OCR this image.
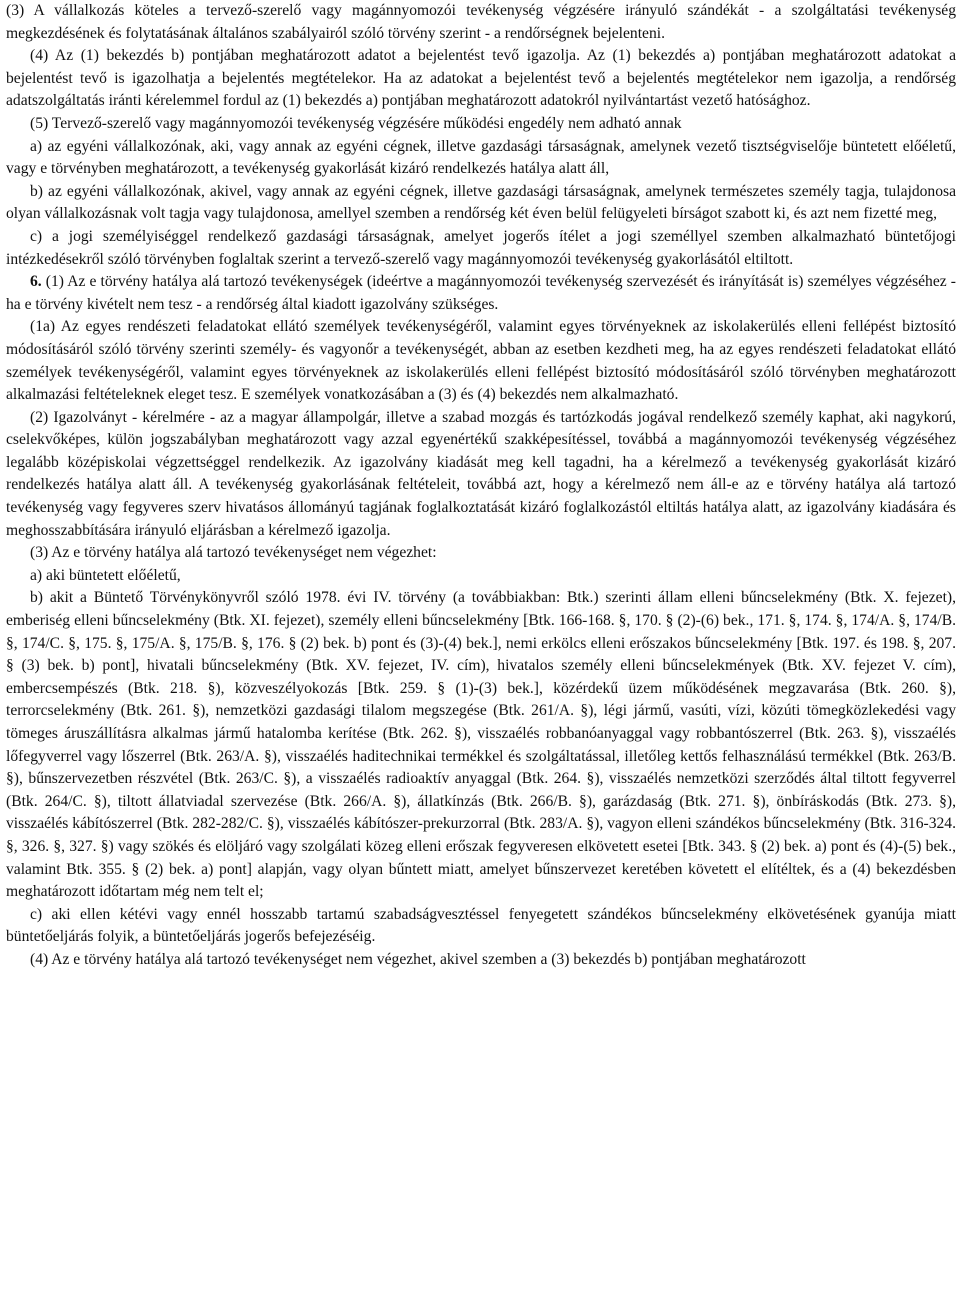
(3) A vállalkozás köteles a tervező-szerelő vagy magánnyomozói tevékenység végzésére irányuló szándékát - a szolgáltatási tevékenység megkezdésének és folytatásának általános szabályairól szóló törvény szerint - a rendőrségnek bejelenteni.

(4) Az (1) bekezdés b) pontjában meghatározott adatot a bejelentést tevő igazolja. Az (1) bekezdés a) pontjában meghatározott adatokat a bejelentést tevő is igazolhatja a bejelentés megtételekor. Ha az adatokat a bejelentést tevő a bejelentés megtételekor nem igazolja, a rendőrség adatszolgáltatás iránti kérelemmel fordul az (1) bekezdés a) pontjában meghatározott adatokról nyilvántartást vezető hatósághoz.

(5) Tervező-szerelő vagy magánnyomozói tevékenység végzésére működési engedély nem adható annak

a) az egyéni vállalkozónak, aki, vagy annak az egyéni cégnek, illetve gazdasági társaságnak, amelynek vezető tisztségviselője büntetett előéletű, vagy e törvényben meghatározott, a tevékenység gyakorlását kizáró rendelkezés hatálya alatt áll,

b) az egyéni vállalkozónak, akivel, vagy annak az egyéni cégnek, illetve gazdasági társaságnak, amelynek természetes személy tagja, tulajdonosa olyan vállalkozásnak volt tagja vagy tulajdonosa, amellyel szemben a rendőrség két éven belül felügyeleti bírságot szabott ki, és azt nem fizetté meg,

c) a jogi személyiséggel rendelkező gazdasági társaságnak, amelyet jogerős ítélet a jogi személlyel szemben alkalmazható büntetőjogi intézkedésekről szóló törvényben foglaltak szerint a tervező-szerelő vagy magánnyomozói tevékenység gyakorlásától eltiltott.

6. (1) Az e törvény hatálya alá tartozó tevékenységek (ideértve a magánnyomozói tevékenység szervezését és irányítását is) személyes végzéséhez - ha e törvény kivételt nem tesz - a rendőrség által kiadott igazolvány szükséges.

(1a) Az egyes rendészeti feladatokat ellátó személyek tevékenységéről, valamint egyes törvényeknek az iskolakerülés elleni fellépést biztosító módosításáról szóló törvény szerinti személy- és vagyonőr a tevékenységét, abban az esetben kezdheti meg, ha az egyes rendészeti feladatokat ellátó személyek tevékenységéről, valamint egyes törvényeknek az iskolakerülés elleni fellépést biztosító módosításáról szóló törvényben meghatározott alkalmazási feltételeknek eleget tesz. E személyek vonatkozásában a (3) és (4) bekezdés nem alkalmazható.

(2) Igazolványt - kérelmére - az a magyar állampolgár, illetve a szabad mozgás és tartózkodás jogával rendelkező személy kaphat, aki nagykorú, cselekvőképes, külön jogszabályban meghatározott vagy azzal egyenértékű szakképesítéssel, továbbá a magánnyomozói tevékenység végzéséhez legalább középiskolai végzettséggel rendelkezik. Az igazolvány kiadását meg kell tagadni, ha a kérelmező a tevékenység gyakorlását kizáró rendelkezés hatálya alatt áll. A tevékenység gyakorlásának feltételeit, továbbá azt, hogy a kérelmező nem áll-e az e törvény hatálya alá tartozó tevékenység vagy fegyveres szerv hivatásos állományú tagjának foglalkoztatását kizáró foglalkozástól eltiltás hatálya alatt, az igazolvány kiadására és meghosszabbítására irányuló eljárásban a kérelmező igazolja.

(3) Az e törvény hatálya alá tartozó tevékenységet nem végezhet:

a) aki büntetett előéletű,

b) akit a Büntető Törvénykönyvről szóló 1978. évi IV. törvény (a továbbiakban: Btk.) szerinti állam elleni bűncselekmény (Btk. X. fejezet), emberiség elleni bűncselekmény (Btk. XI. fejezet), személy elleni bűncselekmény [Btk. 166-168. §, 170. § (2)-(6) bek., 171. §, 174. §, 174/A. §, 174/B. §, 174/C. §, 175. §, 175/A. §, 175/B. §, 176. § (2) bek. b) pont és (3)-(4) bek.], nemi erkölcs elleni erőszakos bűncselekmény [Btk. 197. és 198. §, 207. § (3) bek. b) pont], hivatali bűncselekmény (Btk. XV. fejezet, IV. cím), hivatalos személy elleni bűncselekmények (Btk. XV. fejezet V. cím), embercsempészés (Btk. 218. §), közveszélyokozás [Btk. 259. § (1)-(3) bek.], közérdekű üzem működésének megzavarása (Btk. 260. §), terrorcselekmény (Btk. 261. §), nemzetközi gazdasági tilalom megszegése (Btk. 261/A. §), légi jármű, vasúti, vízi, közúti tömegközlekedési vagy tömeges áruszállításra alkalmas jármű hatalomba kerítése (Btk. 262. §), visszaélés robbanóanyaggal vagy robbantószerrel (Btk. 263. §), visszaélés lőfegyverrel vagy lőszerrel (Btk. 263/A. §), visszaélés haditechnikai termékkel és szolgáltatással, illetőleg kettős felhasználású termékkel (Btk. 263/B. §), bűnszervezetben részvétel (Btk. 263/C. §), a visszaélés radioaktív anyaggal (Btk. 264. §), visszaélés nemzetközi szerződés által tiltott fegyverrel (Btk. 264/C. §), tiltott állatviadal szervezése (Btk. 266/A. §), állatkínzás (Btk. 266/B. §), garázdaság (Btk. 271. §), önbíráskodás (Btk. 273. §), visszaélés kábítószerrel (Btk. 282-282/C. §), visszaélés kábítószer-prekurzorral (Btk. 283/A. §), vagyon elleni szándékos bűncselekmény (Btk. 316-324. §, 326. §, 327. §) vagy szökés és elöljáró vagy szolgálati közeg elleni erőszak fegyveresen elkövetett esetei [Btk. 343. § (2) bek. a) pont és (4)-(5) bek., valamint Btk. 355. § (2) bek. a) pont] alapján, vagy olyan bűntett miatt, amelyet bűnszervezet keretében követett el elítéltek, és a (4) bekezdésben meghatározott időtartam még nem telt el;

c) aki ellen kétévi vagy ennél hosszabb tartamú szabadságvesztéssel fenyegetett szándékos bűncselekmény elkövetésének gyanúja miatt büntetőeljárás folyik, a büntetőeljárás jogerős befejezéséig.

(4) Az e törvény hatálya alá tartozó tevékenységet nem végezhet, akivel szemben a (3) bekezdés b) pontjában meghatározott
